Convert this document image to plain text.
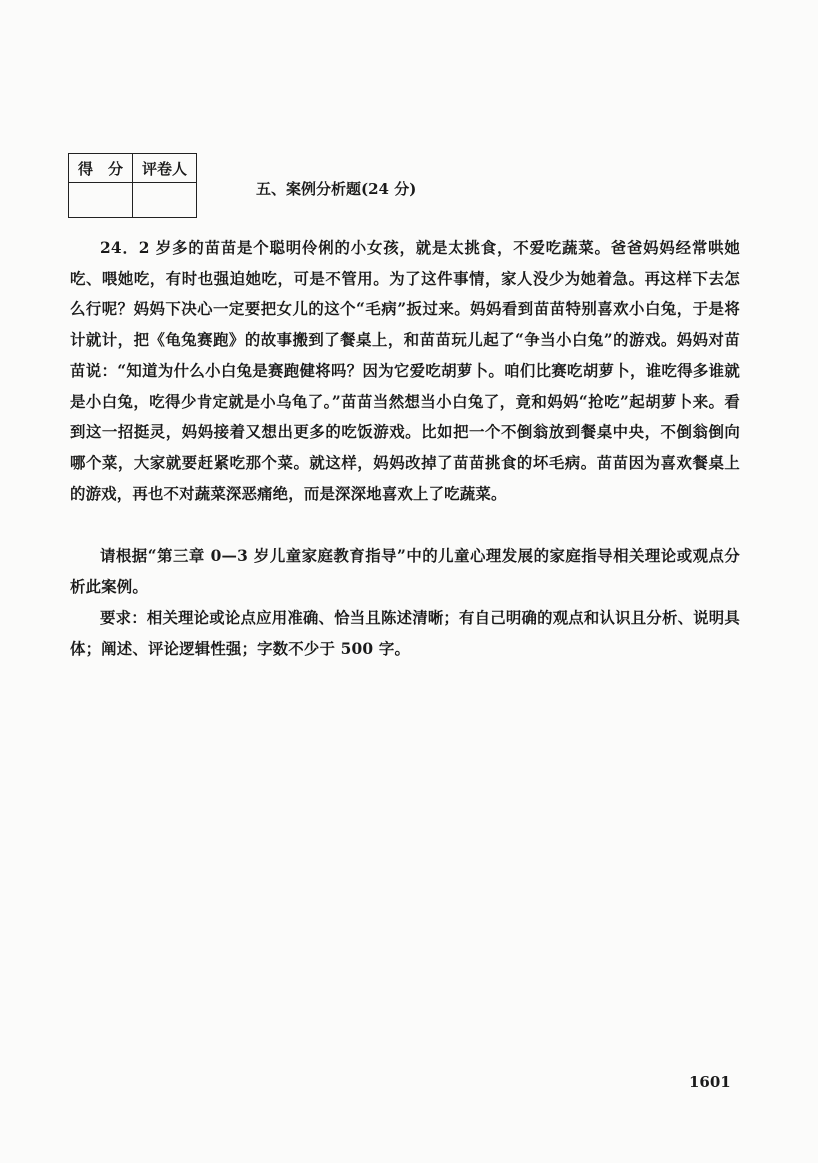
得　分	评卷人

五、案例分析题(24 分)

24．2 岁多的苗苗是个聪明伶俐的小女孩，就是太挑食，不爱吃蔬菜。爸爸妈妈经常哄她吃、喂她吃，有时也强迫她吃，可是不管用。为了这件事情，家人没少为她着急。再这样下去怎么行呢？妈妈下决心一定要把女儿的这个“毛病”扳过来。妈妈看到苗苗特别喜欢小白兔，于是将计就计，把《龟兔赛跑》的故事搬到了餐桌上，和苗苗玩儿起了“争当小白兔”的游戏。妈妈对苗苗说：“知道为什么小白兔是赛跑健将吗？因为它爱吃胡萝卜。咱们比赛吃胡萝卜，谁吃得多谁就是小白兔，吃得少肯定就是小乌龟了。”苗苗当然想当小白兔了，竟和妈妈“抢吃”起胡萝卜来。看到这一招挺灵，妈妈接着又想出更多的吃饭游戏。比如把一个不倒翁放到餐桌中央，不倒翁倒向哪个菜，大家就要赶紧吃那个菜。就这样，妈妈改掉了苗苗挑食的坏毛病。苗苗因为喜欢餐桌上的游戏，再也不对蔬菜深恶痛绝，而是深深地喜欢上了吃蔬菜。

请根据“第三章 0—3 岁儿童家庭教育指导”中的儿童心理发展的家庭指导相关理论或观点分析此案例。

要求：相关理论或论点应用准确、恰当且陈述清晰；有自己明确的观点和认识且分析、说明具体；阐述、评论逻辑性强；字数不少于 500 字。

1601
